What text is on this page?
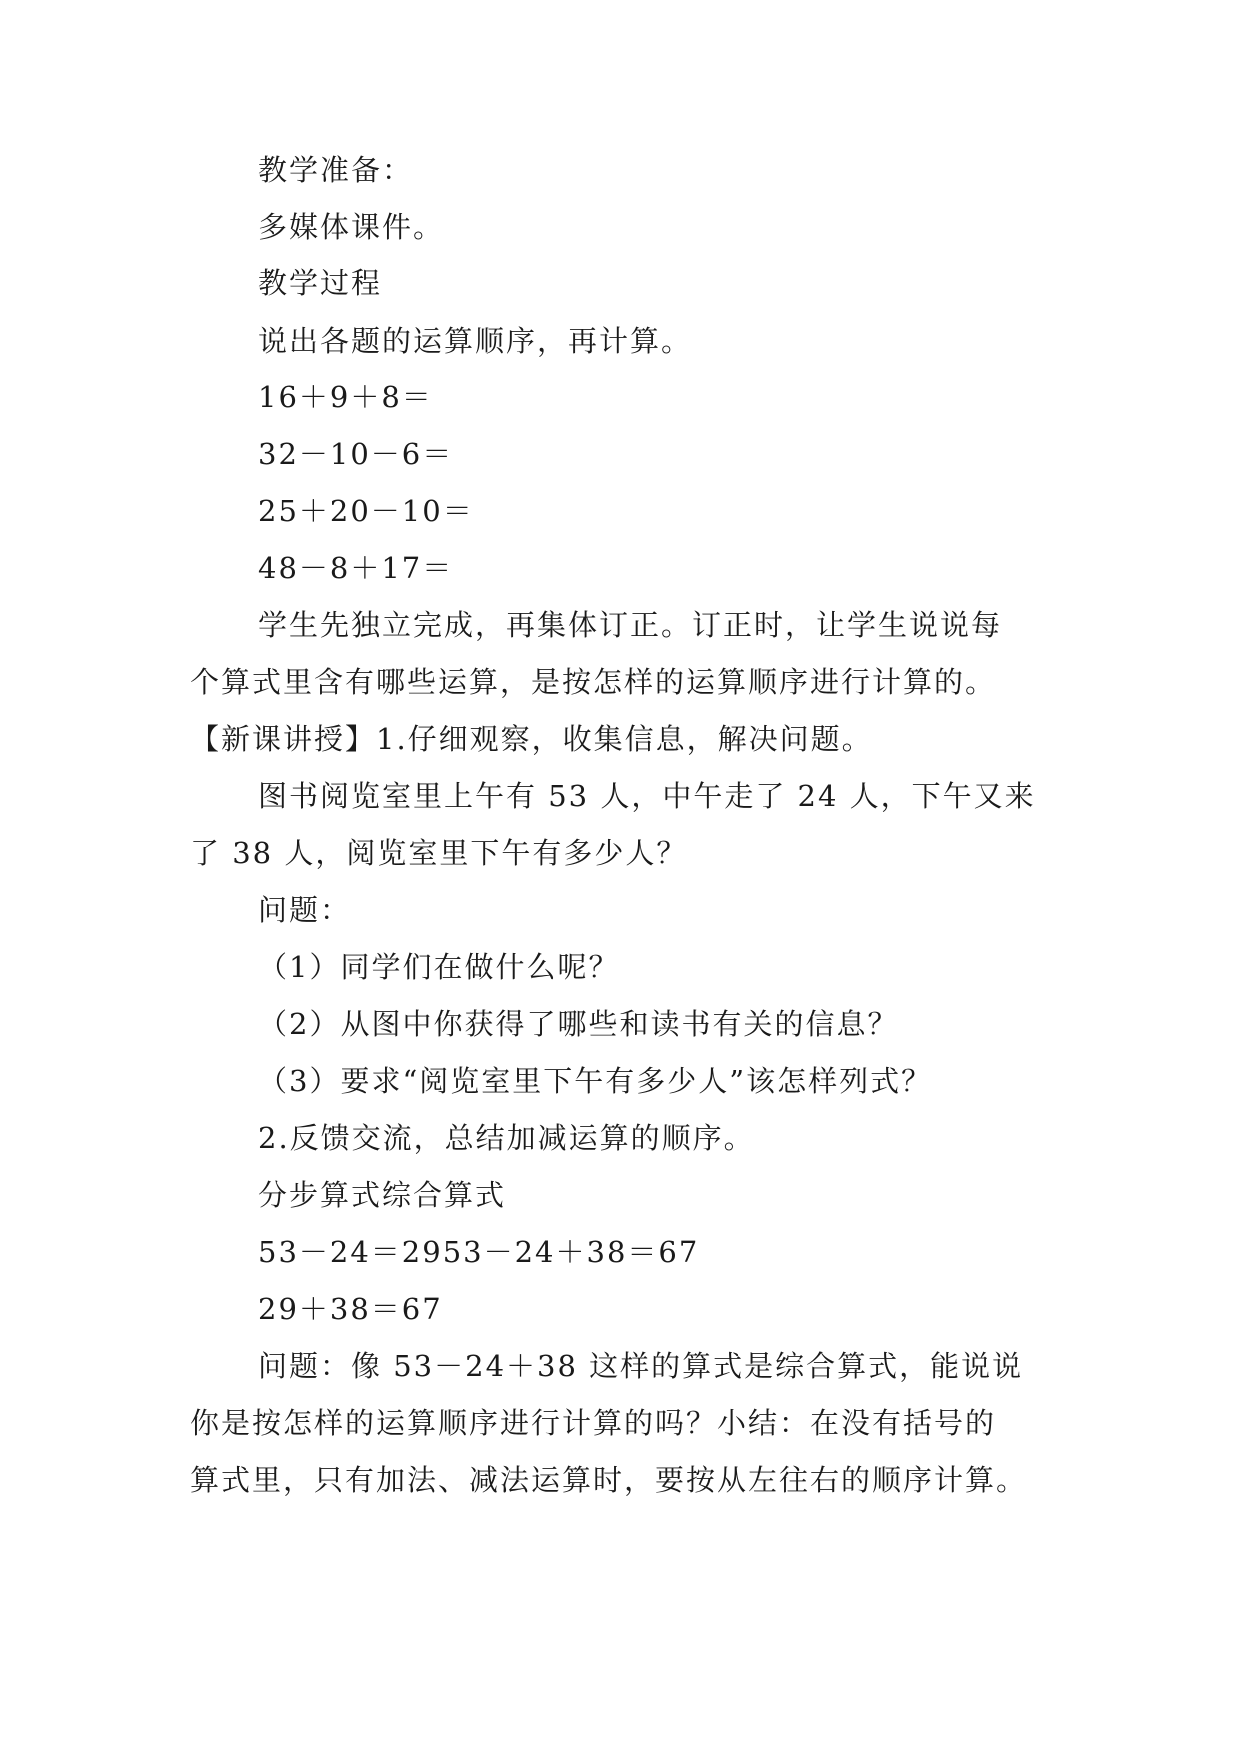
教学准备：
多媒体课件。
教学过程
说出各题的运算顺序，再计算。
16＋9＋8＝
32－10－6＝
25＋20－10＝
48－8＋17＝
学生先独立完成，再集体订正。订正时，让学生说说每
个算式里含有哪些运算，是按怎样的运算顺序进行计算的。
【新课讲授】1.仔细观察，收集信息，解决问题。
图书阅览室里上午有 53 人，中午走了 24 人，下午又来
了 38 人，阅览室里下午有多少人？
问题：
（1）同学们在做什么呢？
（2）从图中你获得了哪些和读书有关的信息？
（3）要求“阅览室里下午有多少人”该怎样列式？
2.反馈交流，总结加减运算的顺序。
分步算式综合算式
53－24＝2953－24＋38＝67
29＋38＝67
问题：像 53－24＋38 这样的算式是综合算式，能说说
你是按怎样的运算顺序进行计算的吗？小结：在没有括号的
算式里，只有加法、减法运算时，要按从左往右的顺序计算。
